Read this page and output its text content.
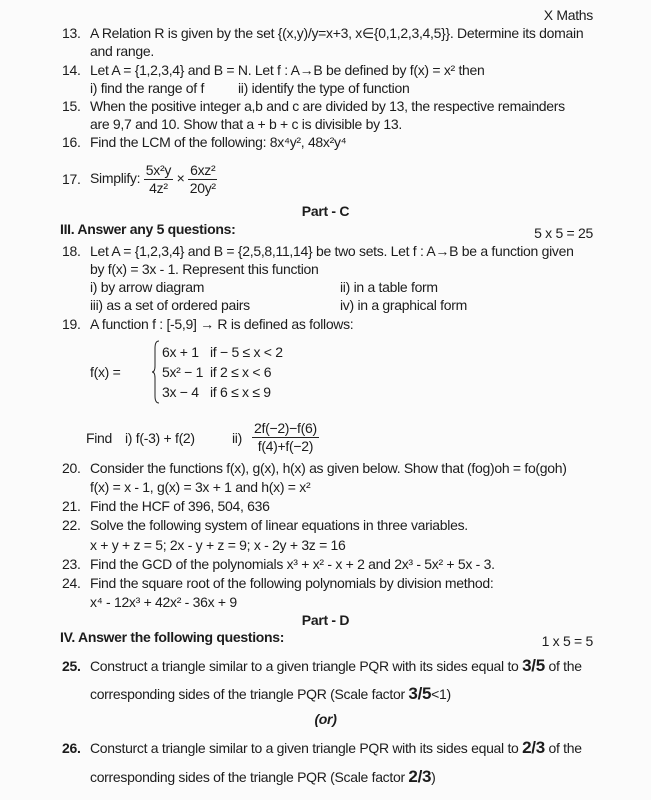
X Maths
13. A Relation R is given by the set {(x,y)/y=x+3, x∈{0,1,2,3,4,5}}. Determine its domain
and range.
14. Let A = {1,2,3,4} and B = N. Let f : A→B be defined by f(x) = x² then
i) find the range of f ii) identify the type of function
15. When the positive integer a,b and c are divided by 13, the respective remainders
are 9,7 and 10. Show that a + b + c is divisible by 13.
16. Find the LCM of the following: 8x⁴y², 48x²y⁴
17. Simplify: $\frac{\text{5x²y}}{\text{4z²}} \times \frac{\text{6xz²}}{\text{20y²}}$
Part - C
III. Answer any 5 questions:	5 x 5 = 25
18. Let A = {1,2,3,4} and B = {2,5,8,11,14} be two sets. Let f : A→B be a function given
by f(x) = 3x - 1. Represent this function
i) by arrow diagram	ii) in a table form
iii) as a set of ordered pairs	iv) in a graphical form
19. A function f : [-5,9] → R is defined as follows:
f(x) =
6x + 1 if − 5 ≤ x < 2
5x² − 1 if 2 ≤ x < 6
3x − 4 if 6 ≤ x ≤ 9
Find i) f(-3) + f(2)	$ii) \frac{2f(-2)-f(6)}{f(4)+f(-2)}$
20. Consider the functions f(x), g(x), h(x) as given below. Show that (fog)oh = fo(goh)
f(x) = x - 1, g(x) = 3x + 1 and h(x) = x²
21. Find the HCF of 396, 504, 636
22. Solve the following system of linear equations in three variables.
x + y + z = 5; 2x - y + z = 9; x - 2y + 3z = 16
23. Find the GCD of the polynomials x³ + x² - x + 2 and 2x³ - 5x² + 5x - 3.
24. Find the square root of the following polynomials by division method:
x⁴ - 12x³ + 42x² - 36x + 9
Part - D
IV. Answer the following questions:	1 x 5 = 5
25. Construct a triangle similar to a given triangle PQR with its sides equal to 3/5 of the
corresponding sides of the triangle PQR (Scale factor 3/5<1)
(or)
26. Consturct a triangle similar to a given triangle PQR with its sides equal to 2/3 of the
corresponding sides of the triangle PQR (Scale factor 2/3)
